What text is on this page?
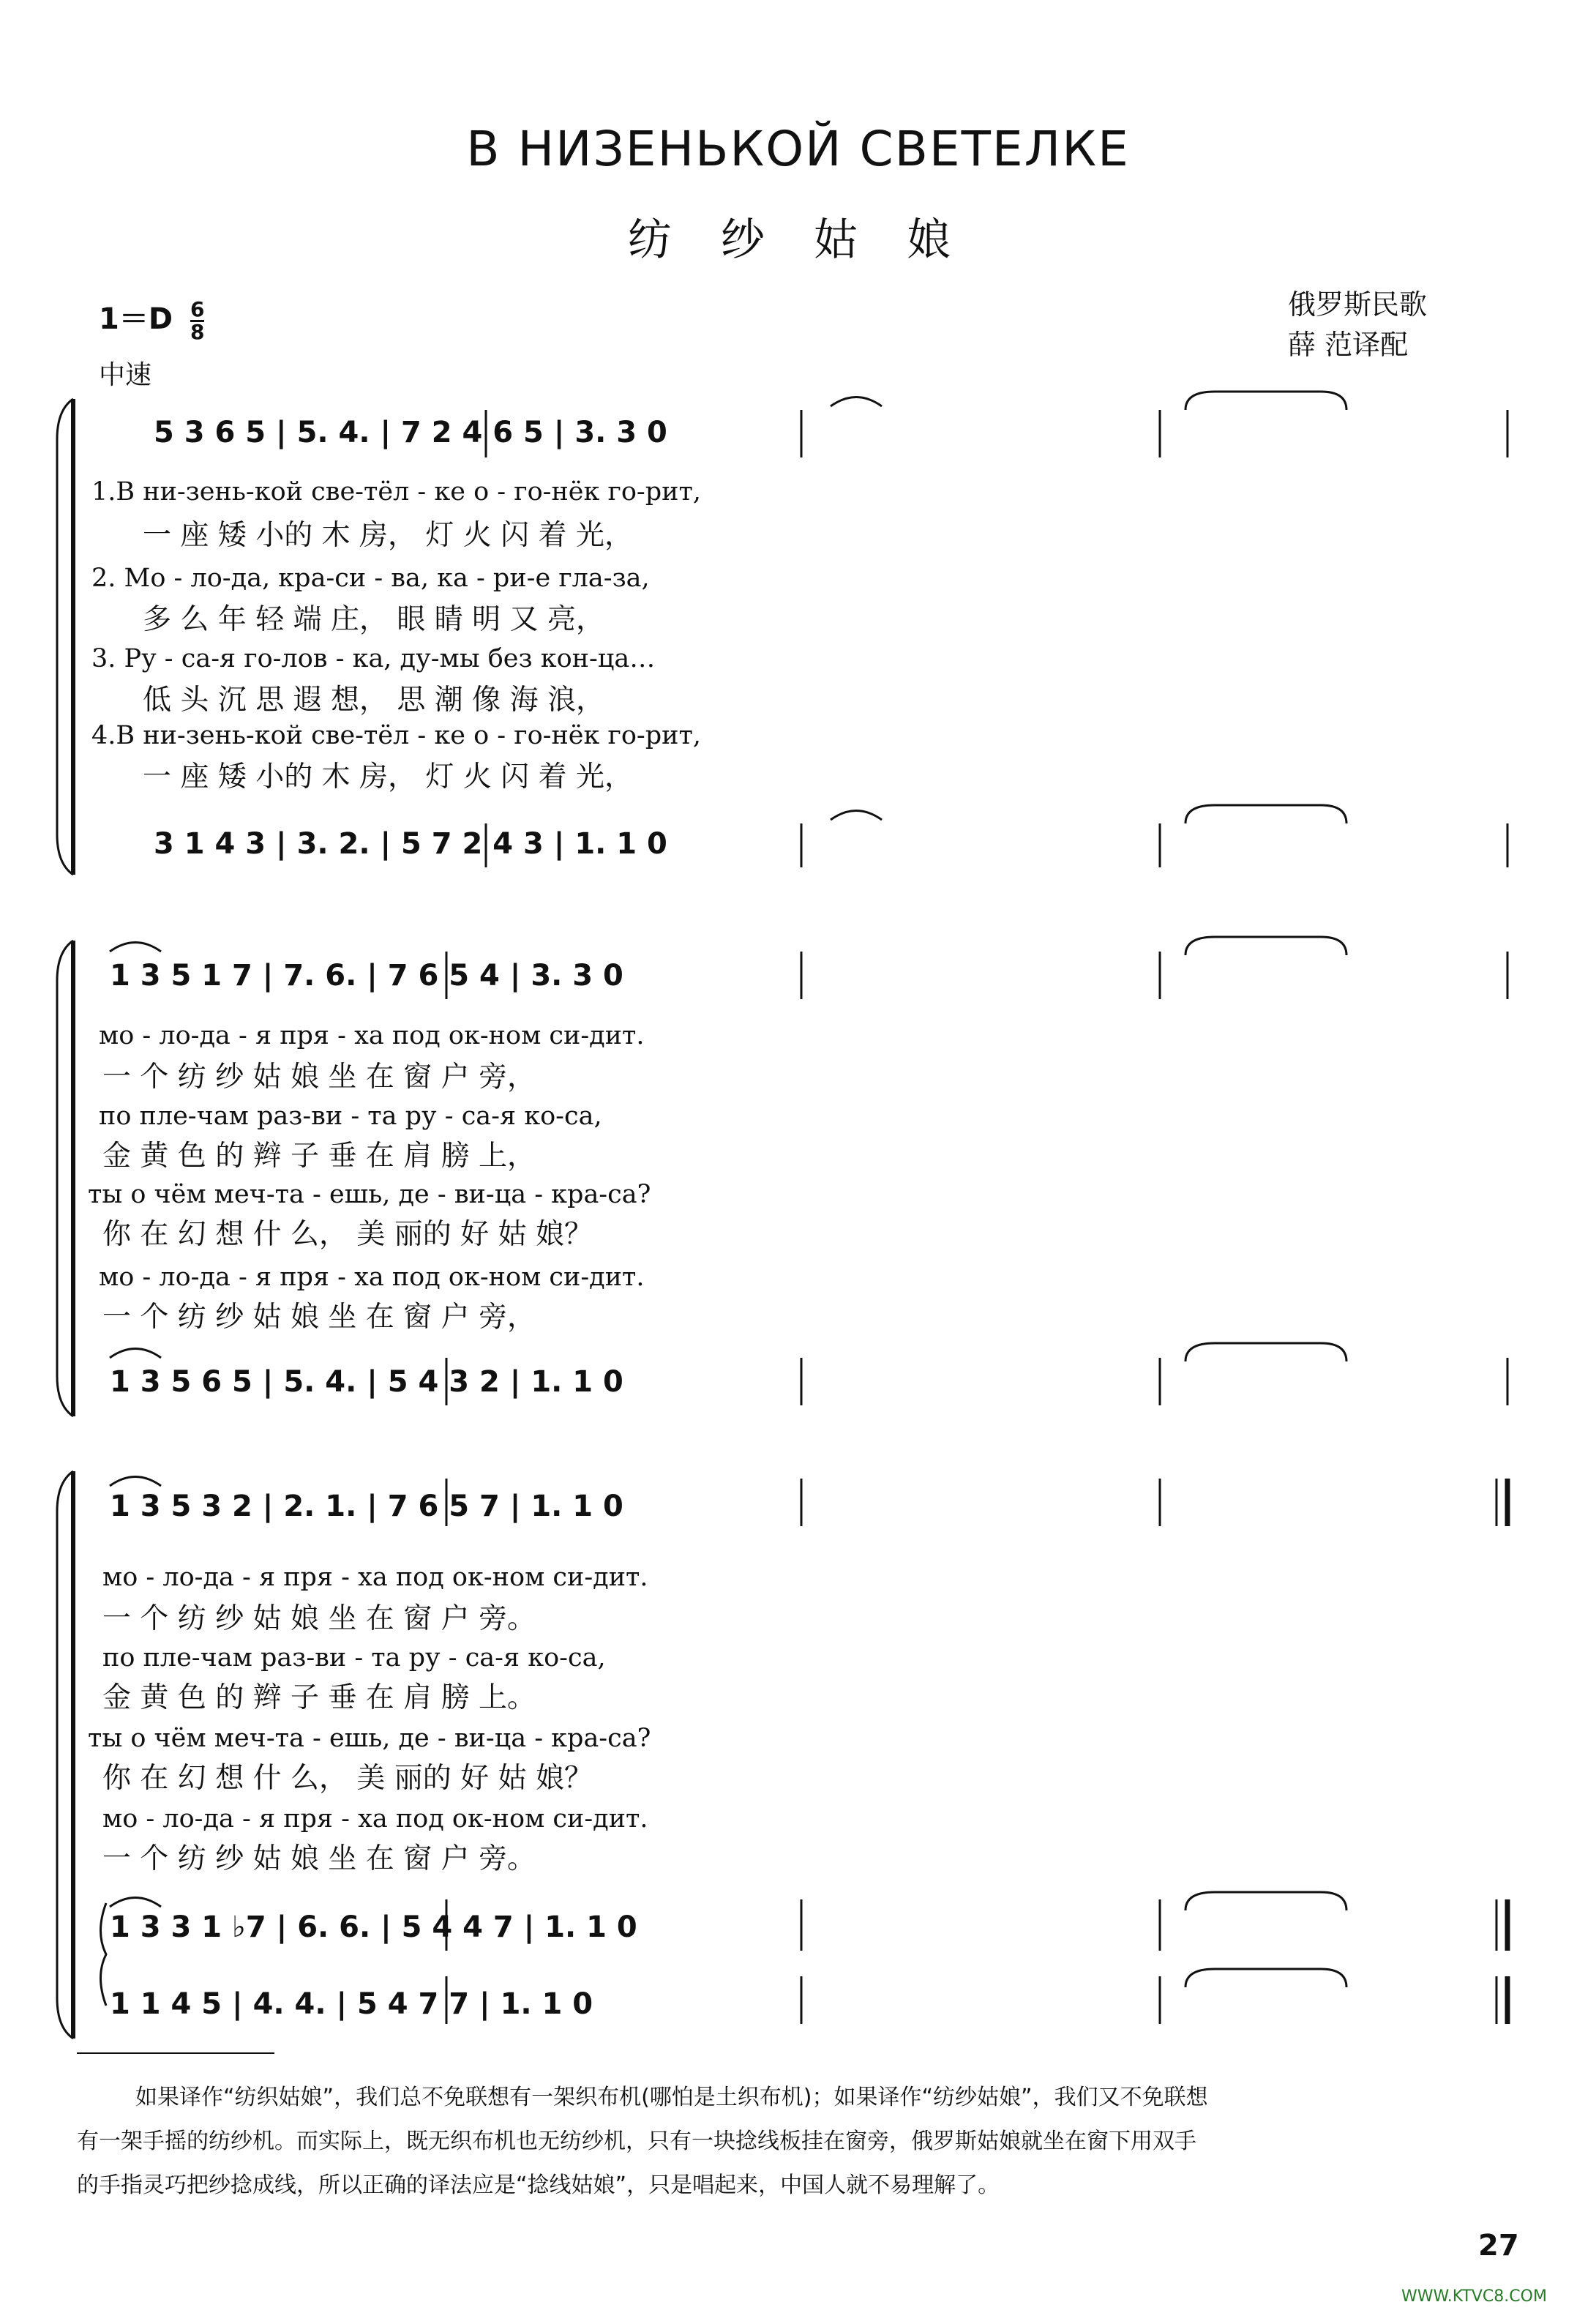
В НИЗЕНЬКОЙ СВЕТЕЛКЕ
纺 纱 姑 娘
俄罗斯民歌
薛 范译配
$1=D \frac{6}{8}$
中速
5 3 6 5 | 5. 4. | 7 2 4 6 5 | 3. 3 0
1.В ни-зень-кой све-тёл - ке о - го-нёк го-рит,
一 座 矮 小的 木 房， 灯 火 闪 着 光，
2. Мо - ло-да, кра-си - ва, ка - ри-е гла-за,
多 么 年 轻 端 庄， 眼 睛 明 又 亮，
3. Ру - са-я го-лов - ка, ду-мы без кон-ца…
低 头 沉 思 遐 想， 思 潮 像 海 浪，
4.В ни-зень-кой све-тёл - ке о - го-нёк го-рит,
一 座 矮 小的 木 房， 灯 火 闪 着 光，
3 1 4 3 | 3. 2. | 5 7 2 4 3 | 1. 1 0
1 3 5 1 7 | 7. 6. | 7 6 5 4 | 3. 3 0
мо - ло-да - я пря - ха под ок-ном си-дит.
一 个 纺 纱 姑 娘 坐 在 窗 户 旁，
по пле-чам раз-ви - та ру - са-я ко-са,
金 黄 色 的 辫 子 垂 在 肩 膀 上，
ты о чём меч-та - ешь, де - ви-ца - кра-са?
你 在 幻 想 什 么， 美 丽的 好 姑 娘？
мо - ло-да - я пря - ха под ок-ном си-дит.
一 个 纺 纱 姑 娘 坐 在 窗 户 旁，
1 3 5 6 5 | 5. 4. | 5 4 3 2 | 1. 1 0
1 3 5 3 2 | 2. 1. | 7 6 5 7 | 1. 1 0
мо - ло-да - я пря - ха под ок-ном си-дит.
一 个 纺 纱 姑 娘 坐 在 窗 户 旁。
по пле-чам раз-ви - та ру - са-я ко-са,
金 黄 色 的 辫 子 垂 在 肩 膀 上。
ты о чём меч-та - ешь, де - ви-ца - кра-са?
你 在 幻 想 什 么， 美 丽的 好 姑 娘？
мо - ло-да - я пря - ха под ок-ном си-дит.
一 个 纺 纱 姑 娘 坐 在 窗 户 旁。
1 3 3 1 ♭7 | 6. 6. | 5 4 4 7 | 1. 1 0
1 1 4 5 | 4. 4. | 5 4 7 7 | 1. 1 0
如果译作“纺织姑娘”，我们总不免联想有一架织布机(哪怕是土织布机)；如果译作“纺纱姑娘”，我们又不免联想
有一架手摇的纺纱机。而实际上，既无织布机也无纺纱机，只有一块捻线板挂在窗旁，俄罗斯姑娘就坐在窗下用双手
的手指灵巧把纱捻成线，所以正确的译法应是“捻线姑娘”，只是唱起来，中国人就不易理解了。
27
WWW.KTVC8.COM
